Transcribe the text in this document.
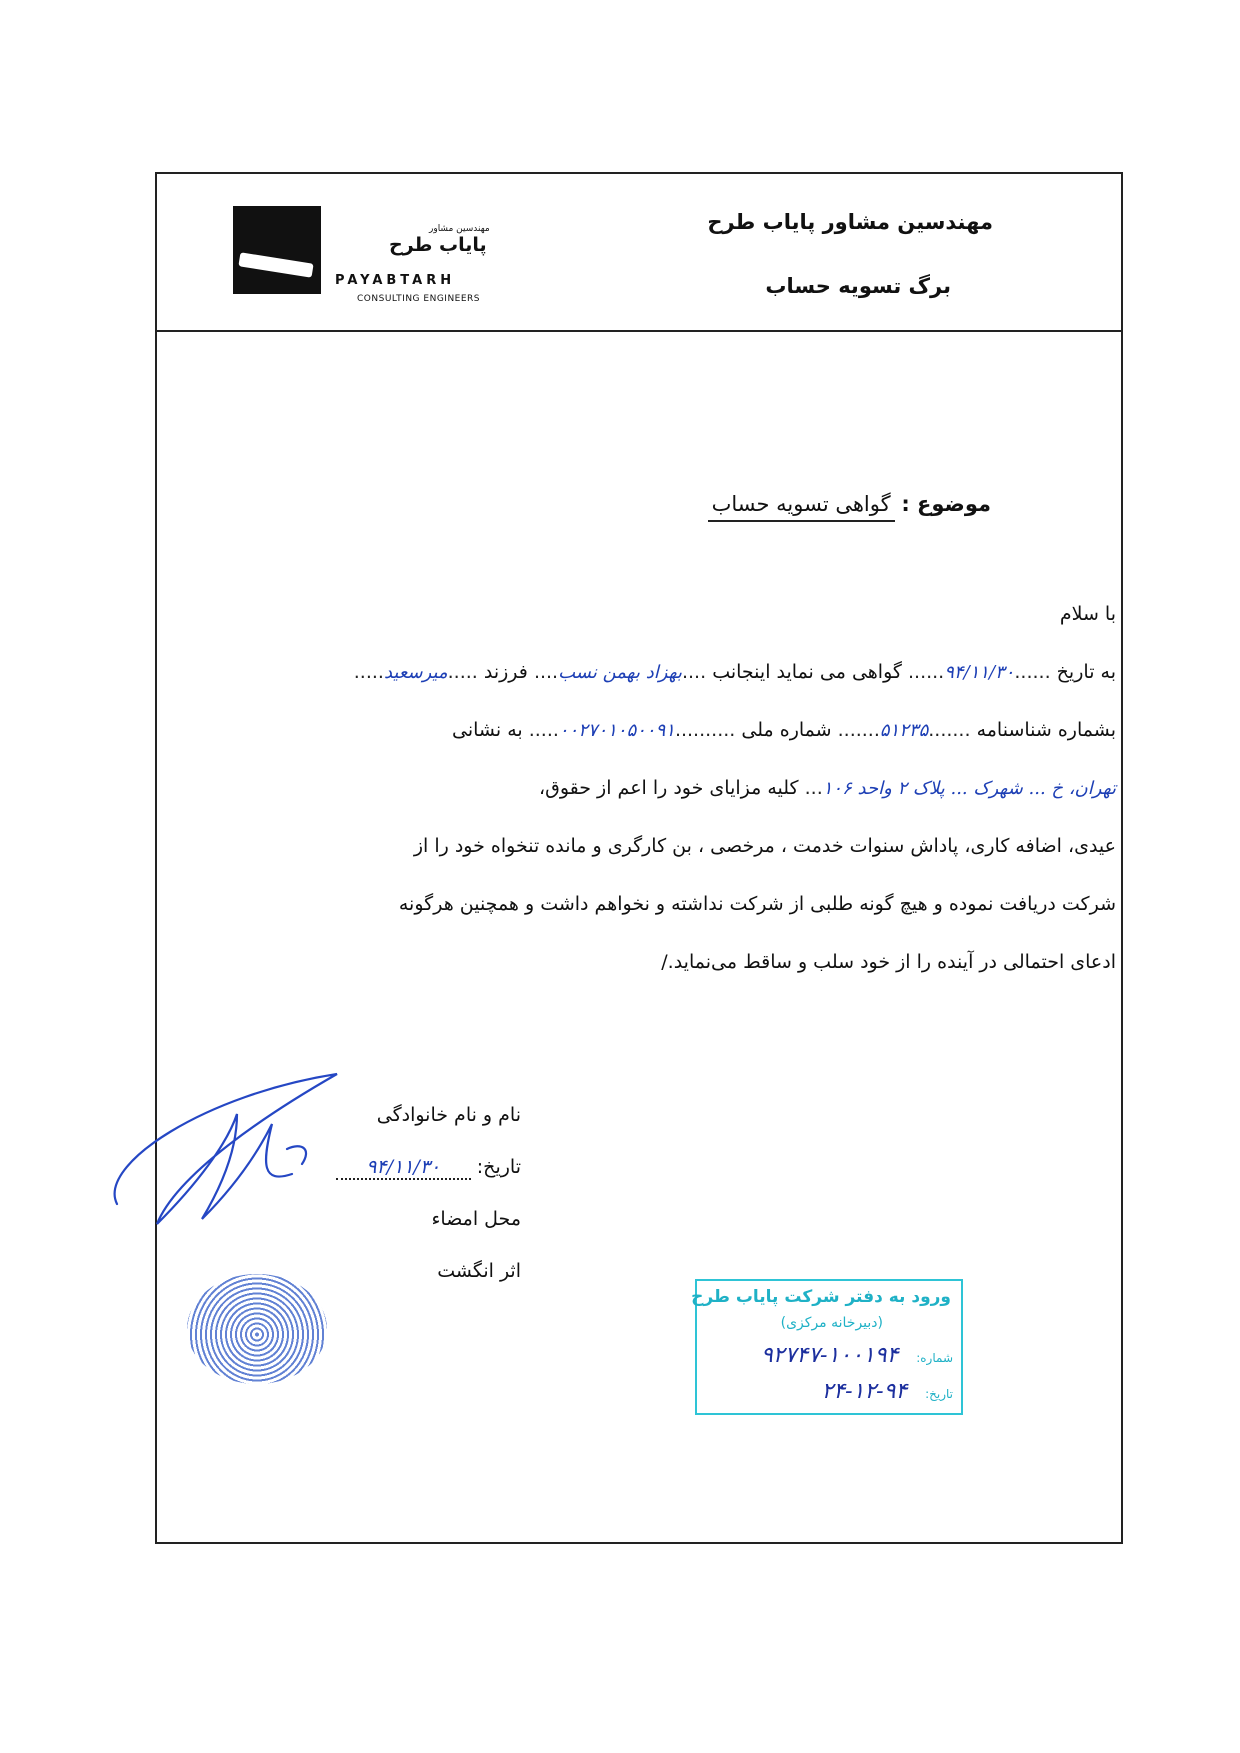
مهندسین مشاور پایاب طرح
برگ تسویه حساب
مهندسین مشاور
پایاب طرح
PAYABTARH
CONSULTING ENGINEERS
موضوع : گواهی تسویه حساب
با سلام
به تاریخ ......۹۴/۱۱/۳۰...... گواهی می نماید اینجانب ....بهزاد بهمن نسب.... فرزند .....میرسعید.....
بشماره شناسنامه .......۵۱۲۳۵....... شماره ملی ..........۰۰۲۷۰۱۰۵۰۰۹۱..... به نشانی
تهران، خ ... شهرک ... پلاک ۲ واحد ۱۰۶... کلیه مزایای خود را اعم از حقوق،
عیدی، اضافه کاری، پاداش سنوات خدمت ، مرخصی ، بن کارگری و مانده تنخواه خود را از
شرکت دریافت نموده و هیچ گونه طلبی از شرکت نداشته و نخواهم داشت و همچنین هرگونه
ادعای احتمالی در آینده را از خود سلب و ساقط می‌نماید./
نام و نام خانوادگی
تاریخ: ۹۴/۱۱/۳۰
محل امضاء
اثر انگشت
ورود به دفتر شرکت پایاب طرح
(دبیرخانه مرکزی)
شماره: ۱۰۰۱۹۴-۹۲۷۴۷
تاریخ: ۹۴-۱۲-۲۴
